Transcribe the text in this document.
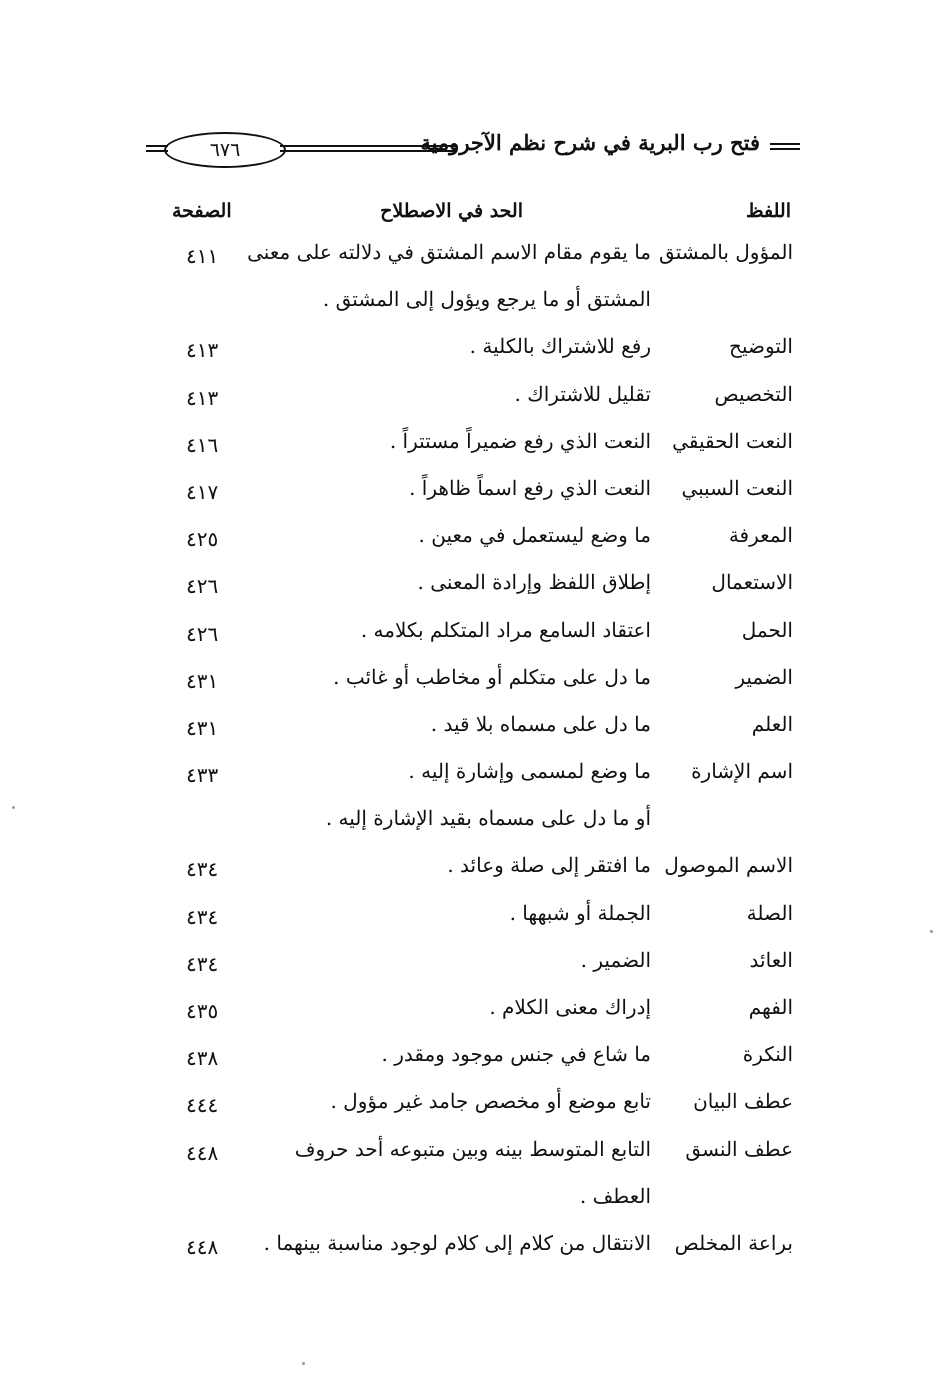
فتح رب البرية في شرح نظم الآجرومية
٦٧٦
اللفظ
الحد في الاصطلاح
الصفحة
المؤول بالمشتق
ما يقوم مقام الاسم المشتق في دلالته على معنى
٤١١
المشتق أو ما يرجع ويؤول إلى المشتق .
التوضيح
رفع للاشتراك بالكلية .
٤١٣
التخصيص
تقليل للاشتراك .
٤١٣
النعت الحقيقي
النعت الذي رفع ضميراً مستتراً .
٤١٦
النعت السببي
النعت الذي رفع اسماً ظاهراً .
٤١٧
المعرفة
ما وضع ليستعمل في معين .
٤٢٥
الاستعمال
إطلاق اللفظ وإرادة المعنى .
٤٢٦
الحمل
اعتقاد السامع مراد المتكلم بكلامه .
٤٢٦
الضمير
ما دل على متكلم أو مخاطب أو غائب .
٤٣١
العلم
ما دل على مسماه بلا قيد .
٤٣١
اسم الإشارة
ما وضع لمسمى وإشارة إليه .
٤٣٣
أو ما دل على مسماه بقيد الإشارة إليه .
الاسم الموصول
ما افتقر إلى صلة وعائد .
٤٣٤
الصلة
الجملة أو شبهها .
٤٣٤
العائد
الضمير .
٤٣٤
الفهم
إدراك معنى الكلام .
٤٣٥
النكرة
ما شاع في جنس موجود ومقدر .
٤٣٨
عطف البيان
تابع موضع أو مخصص جامد غير مؤول .
٤٤٤
عطف النسق
التابع المتوسط بينه وبين متبوعه أحد حروف
٤٤٨
العطف .
براعة المخلص
الانتقال من كلام إلى كلام لوجود مناسبة بينهما .
٤٤٨
